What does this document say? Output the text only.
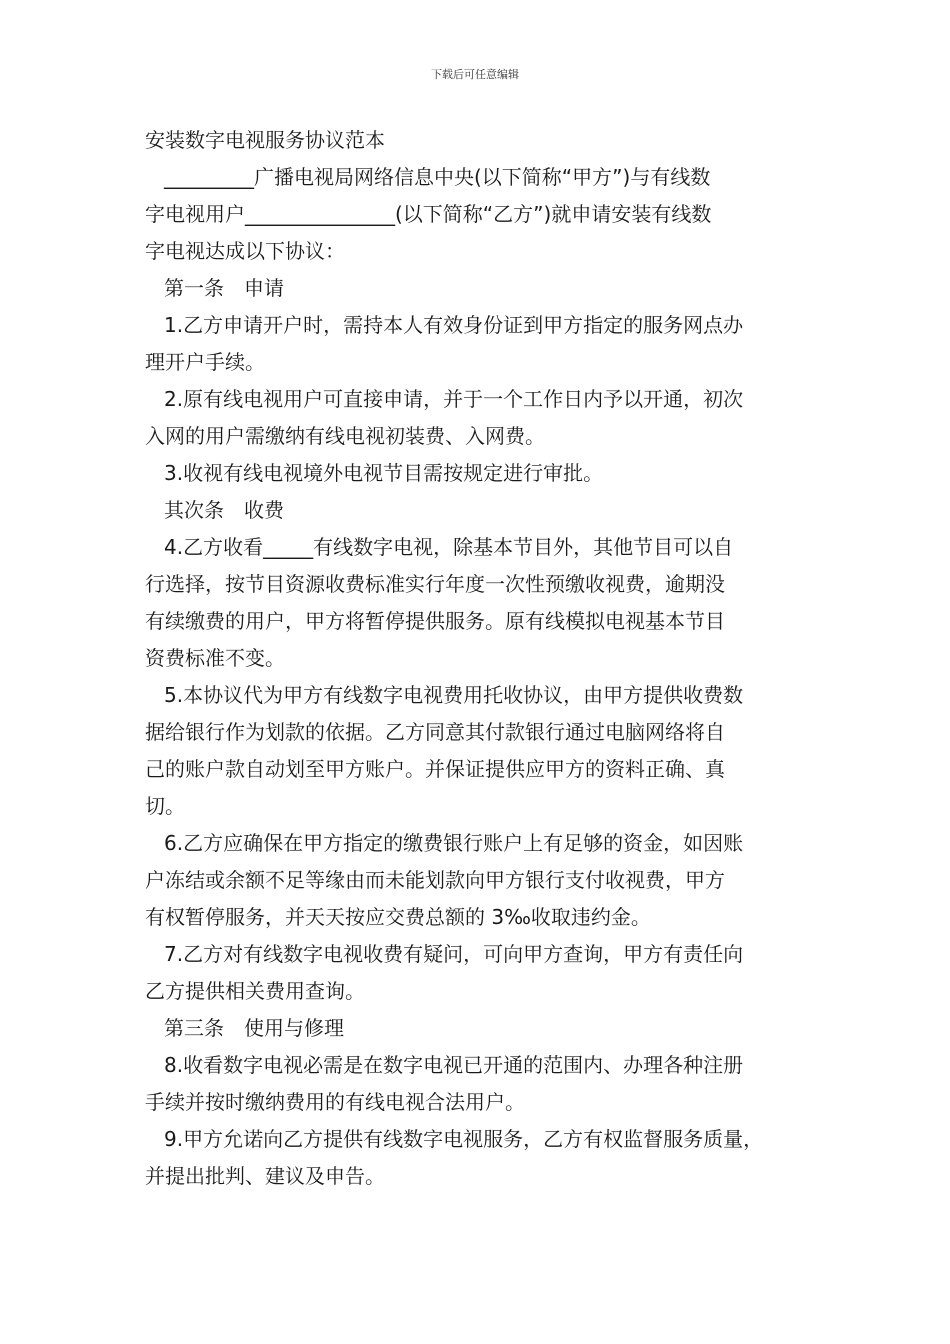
下载后可任意编辑
安装数字电视服务协议范本
_________广播电视局网络信息中央(以下简称“甲方”)与有线数
字电视用户_______________(以下简称“乙方”)就申请安装有线数
字电视达成以下协议：
第一条　申请
1.乙方申请开户时，需持本人有效身份证到甲方指定的服务网点办
理开户手续。
2.原有线电视用户可直接申请，并于一个工作日内予以开通，初次
入网的用户需缴纳有线电视初装费、入网费。
3.收视有线电视境外电视节目需按规定进行审批。
其次条　收费
4.乙方收看_____有线数字电视，除基本节目外，其他节目可以自
行选择，按节目资源收费标准实行年度一次性预缴收视费，逾期没
有续缴费的用户，甲方将暂停提供服务。原有线模拟电视基本节目
资费标准不变。
5.本协议代为甲方有线数字电视费用托收协议，由甲方提供收费数
据给银行作为划款的依据。乙方同意其付款银行通过电脑网络将自
己的账户款自动划至甲方账户。并保证提供应甲方的资料正确、真
切。
6.乙方应确保在甲方指定的缴费银行账户上有足够的资金，如因账
户冻结或余额不足等缘由而未能划款向甲方银行支付收视费，甲方
有权暂停服务，并天天按应交费总额的 3‰收取违约金。
7.乙方对有线数字电视收费有疑问，可向甲方查询，甲方有责任向
乙方提供相关费用查询。
第三条　使用与修理
8.收看数字电视必需是在数字电视已开通的范围内、办理各种注册
手续并按时缴纳费用的有线电视合法用户。
9.甲方允诺向乙方提供有线数字电视服务，乙方有权监督服务质量，
并提出批判、建议及申告。
